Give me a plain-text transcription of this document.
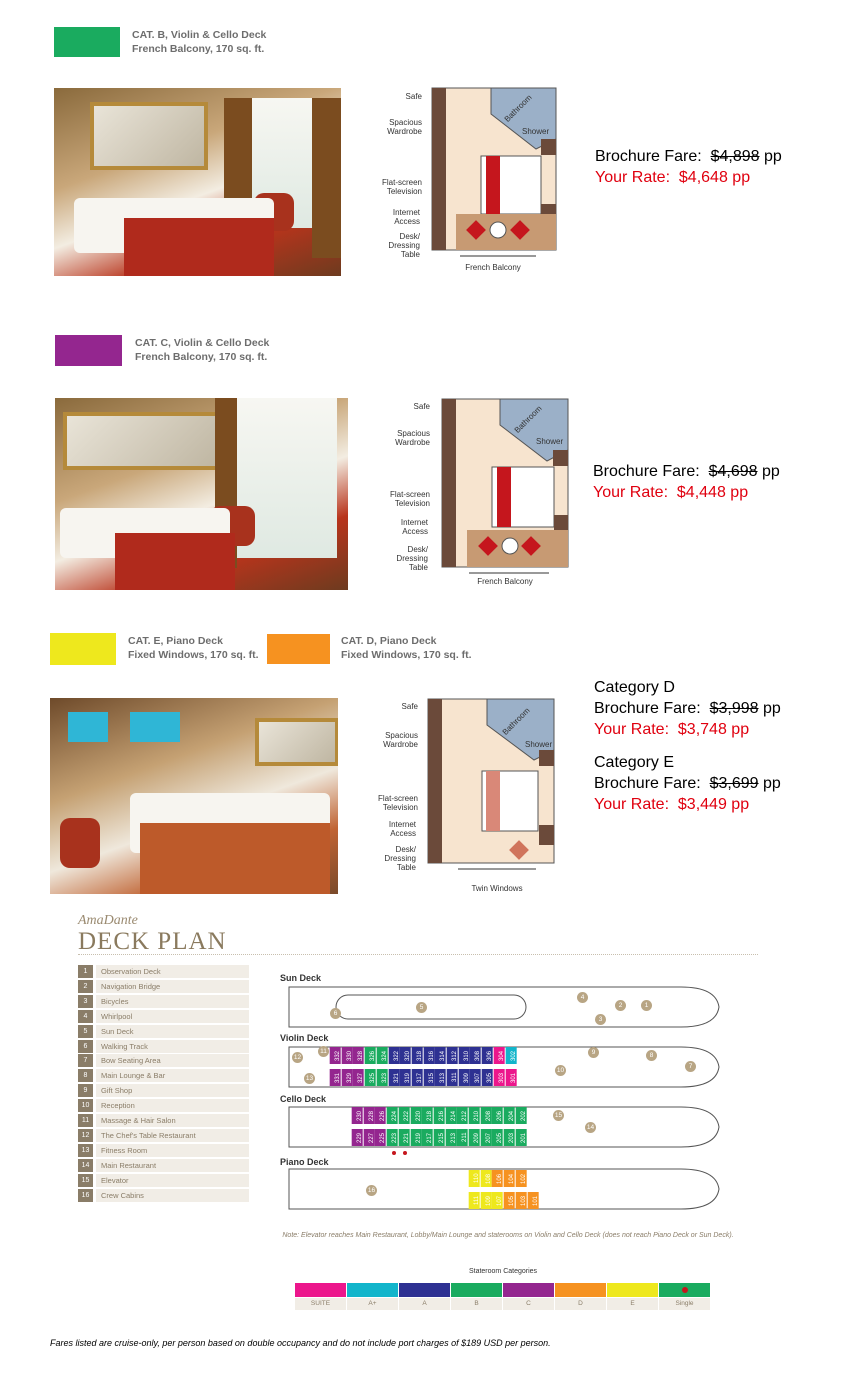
CAT. B, Violin & Cello Deck
French Balcony, 170 sq. ft.
Safe
Spacious Wardrobe
Flat-screen Television
Internet Access
Desk/ Dressing Table
Bathroom
Shower
French Balcony
Brochure Fare: $4,898 pp
Your Rate: $4,648 pp
CAT. C, Violin & Cello Deck
French Balcony, 170 sq. ft.
Safe
Spacious Wardrobe
Flat-screen Television
Internet Access
Desk/ Dressing Table
Bathroom
Shower
French Balcony
Brochure Fare: $4,698 pp
Your Rate: $4,448 pp
CAT. E, Piano Deck
Fixed Windows, 170 sq. ft.
CAT. D, Piano Deck
Fixed Windows, 170 sq. ft.
Safe
Spacious Wardrobe
Flat-screen Television
Internet Access
Desk/ Dressing Table
Bathroom
Shower
Twin Windows
Category D
Brochure Fare: $3,998 pp
Your Rate: $3,748 pp
Category E
Brochure Fare: $3,699 pp
Your Rate: $3,449 pp
AmaDante
DECK PLAN
1	Observation Deck
2	Navigation Bridge
3	Bicycles
4	Whirlpool
5	Sun Deck
6	Walking Track
7	Bow Seating Area
8	Main Lounge & Bar
9	Gift Shop
10	Reception
11	Massage & Hair Salon
12	The Chef's Table Restaurant
13	Fitness Room
14	Main Restaurant
15	Elevator
16	Crew Cabins
Sun Deck
Violin Deck
Cello Deck
Piano Deck
332 330 328 326 324 322 320 318 316 314 312 310 308 306 304 302
331 329 327 325 323 321 319 317 315 313 311 309 307 305 303 301
230 228 226 224 222 220 218 216 214 212 210 208 206 204 202
229 227 225 223 221 219 217 215 213 211 209 207 205 203 201
110 108 106 104 102
111 109 107 105 103 101
5
6
4
3
2	1
12
11
13
10
9	8
7
15
14
16
Note: Elevator reaches Main Restaurant, Lobby/Main Lounge and staterooms on Violin and Cello Deck (does not reach Piano Deck or Sun Deck).
Stateroom Categories
SUITE	A+	A	B	C	D	E	Single
Fares listed are cruise-only, per person based on double occupancy and do not include port charges of $189 USD per person.
